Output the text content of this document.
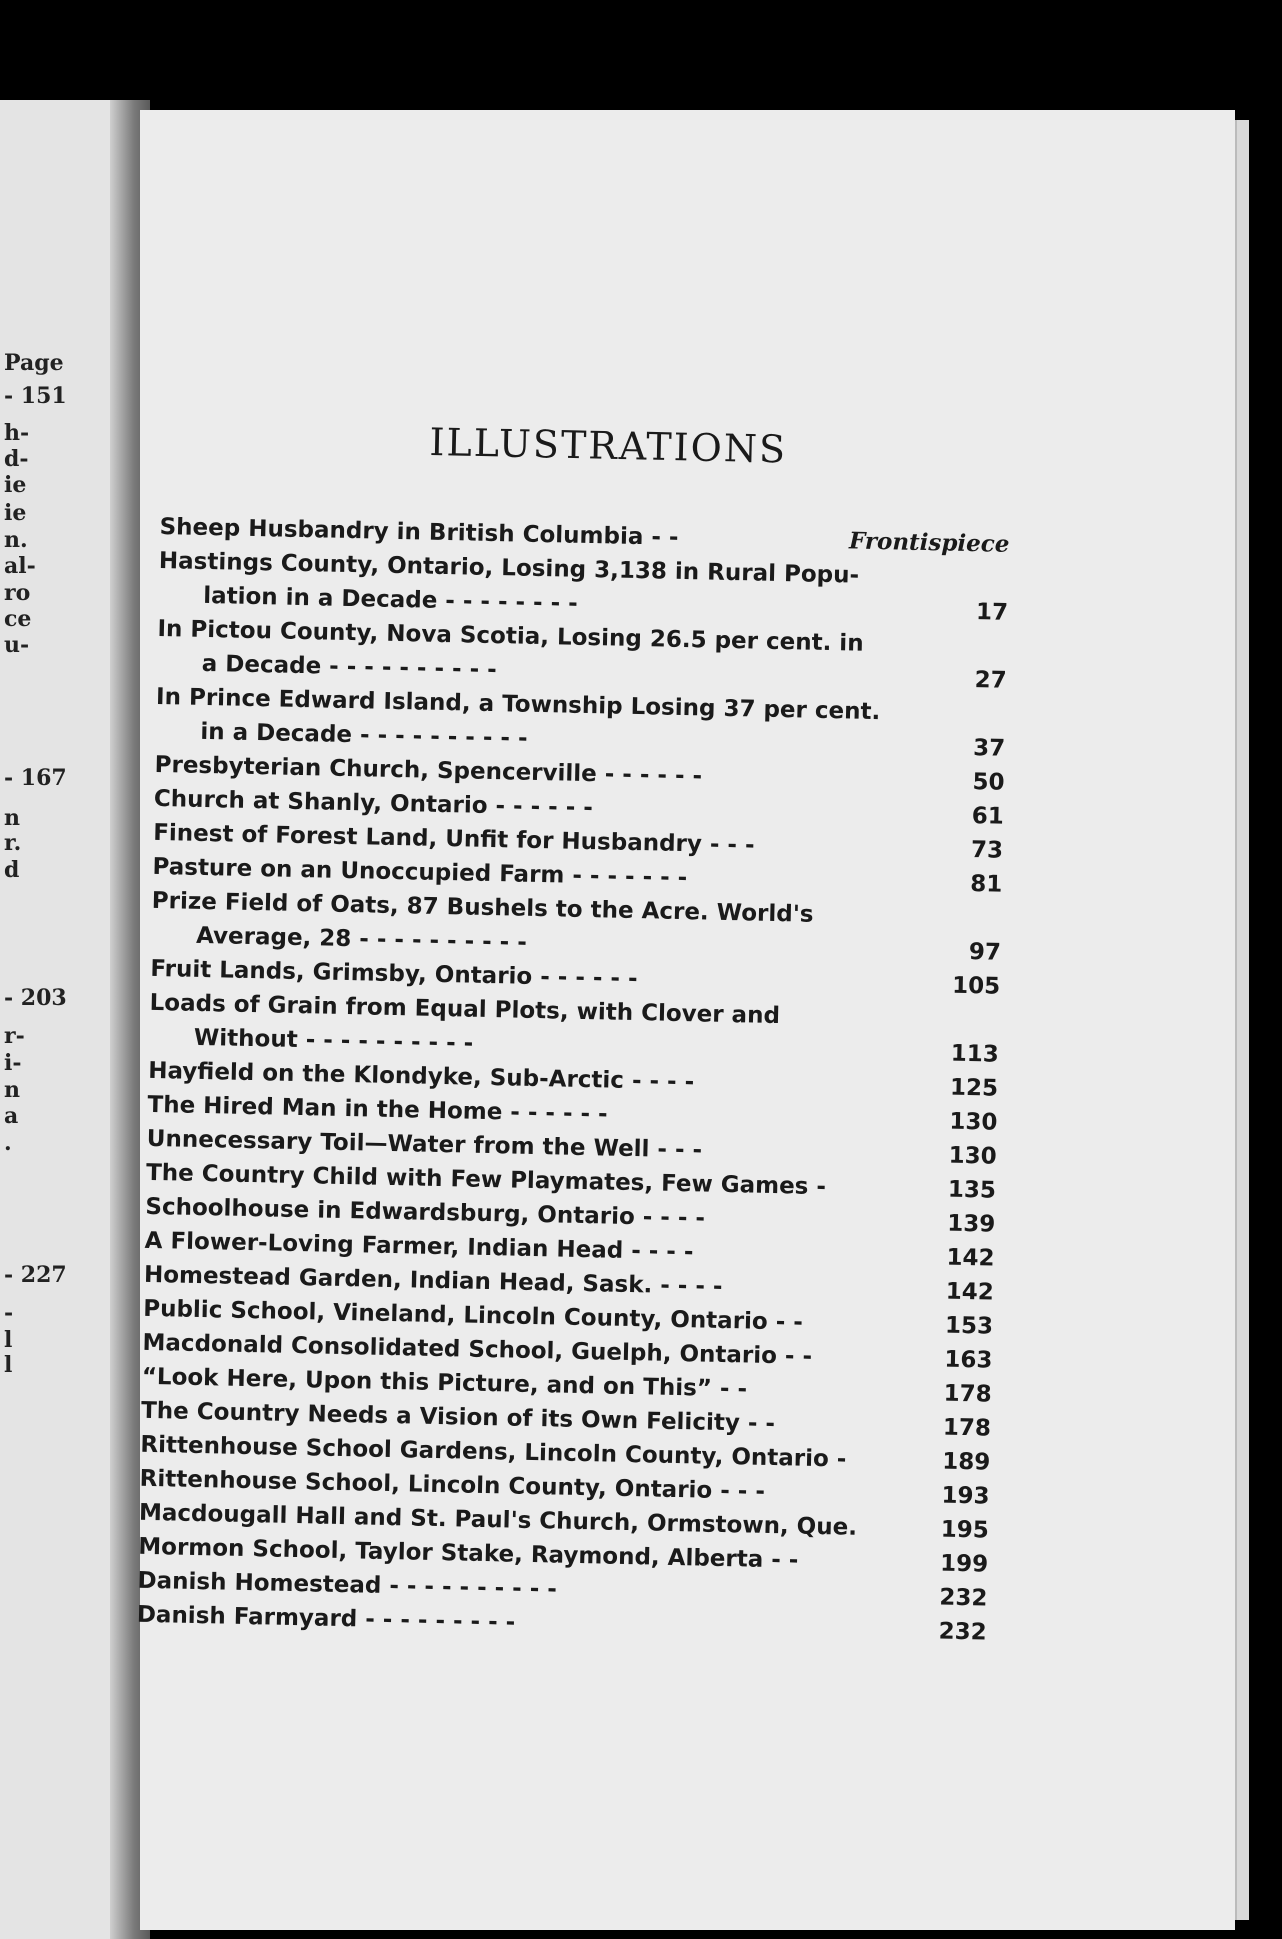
Page
- 151
h-
d-
ie
ie
n.
al-
ro
ce
u-
- 167
n
r.
d
- 203
r-
i-
n
a
.
- 227
-
l
l
ILLUSTRATIONS
Sheep Husbandry in British Columbia - -	Frontispiece
Hastings County, Ontario, Losing 3,138 in Rural Popu-
lation in a Decade - - - - - - - -	17
In Pictou County, Nova Scotia, Losing 26.5 per cent. in
a Decade - - - - - - - - - -	27
In Prince Edward Island, a Township Losing 37 per cent.
in a Decade - - - - - - - - - -	37
Presbyterian Church, Spencerville - - - - - -	50
Church at Shanly, Ontario - - - - - -	61
Finest of Forest Land, Unfit for Husbandry - - -	73
Pasture on an Unoccupied Farm - - - - - - -	81
Prize Field of Oats, 87 Bushels to the Acre. World's
Average, 28 - - - - - - - - - -	97
Fruit Lands, Grimsby, Ontario - - - - - -	105
Loads of Grain from Equal Plots, with Clover and
Without - - - - - - - - - -	113
Hayfield on the Klondyke, Sub-Arctic - - - -	125
The Hired Man in the Home - - - - - -	130
Unnecessary Toil—Water from the Well - - -	130
The Country Child with Few Playmates, Few Games -	135
Schoolhouse in Edwardsburg, Ontario - - - -	139
A Flower-Loving Farmer, Indian Head - - - -	142
Homestead Garden, Indian Head, Sask. - - - -	142
Public School, Vineland, Lincoln County, Ontario - -	153
Macdonald Consolidated School, Guelph, Ontario - -	163
“Look Here, Upon this Picture, and on This” - -	178
The Country Needs a Vision of its Own Felicity - -	178
Rittenhouse School Gardens, Lincoln County, Ontario -	189
Rittenhouse School, Lincoln County, Ontario - - -	193
Macdougall Hall and St. Paul's Church, Ormstown, Que.	195
Mormon School, Taylor Stake, Raymond, Alberta - -	199
Danish Homestead - - - - - - - - - -	232
Danish Farmyard - - - - - - - - -	232
